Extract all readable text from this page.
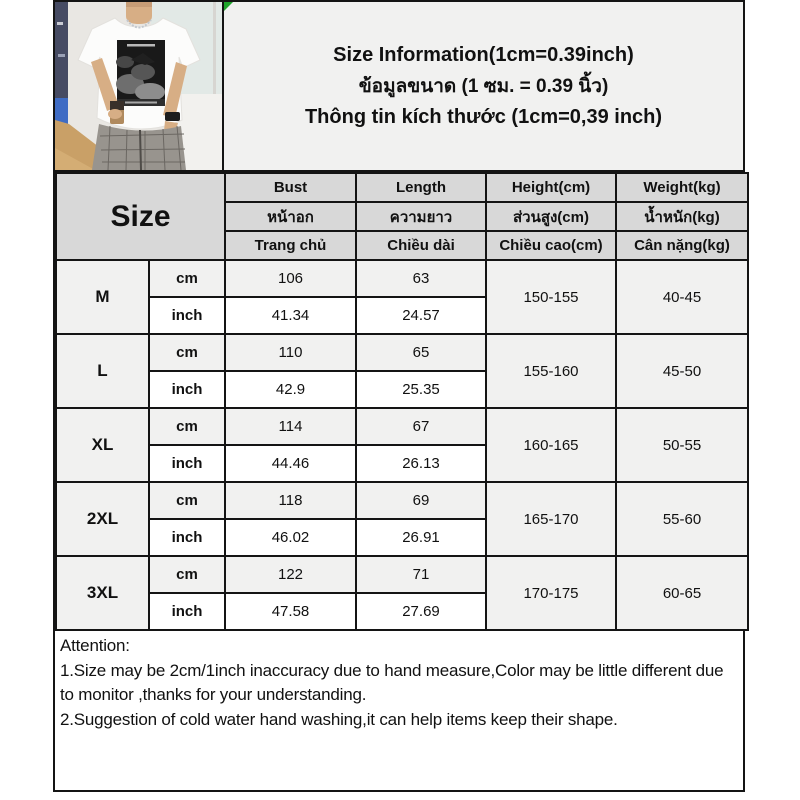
Size Information(1cm=0.39inch)
ข้อมูลขนาด (1 ซม. = 0.39 นิ้ว)
Thông tin kích thước (1cm=0,39 inch)
Size		Bust	Length	Height(cm)	Weight(kg)
		หน้าอก	ความยาว	ส่วนสูง(cm)	น้ำหนัก(kg)
		Trang chủ	Chiều dài	Chiều cao(cm)	Cân nặng(kg)
M	cm	106	63	150-155	40-45
	inch	41.34	24.57		
L	cm	110	65	155-160	45-50
	inch	42.9	25.35		
XL	cm	114	67	160-165	50-55
	inch	44.46	26.13		
2XL	cm	118	69	165-170	55-60
	inch	46.02	26.91		
3XL	cm	122	71	170-175	60-65
	inch	47.58	27.69		

Attention:

1.Size may be 2cm/1inch inaccuracy due to hand measure,Color may be little different due to monitor ,thanks for your understanding.

2.Suggestion of cold water hand washing,it can help items keep their shape.
